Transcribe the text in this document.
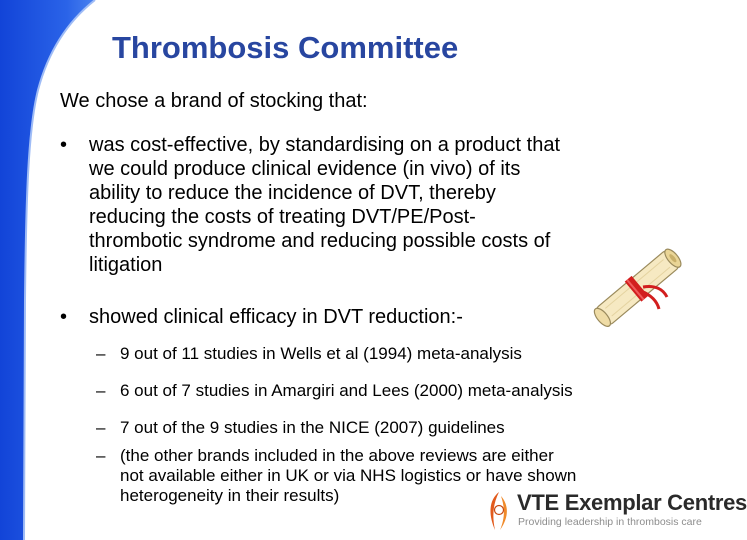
Thrombosis Committee
We chose a brand of stocking that:
• was cost-effective, by standardising on a product that
we could produce clinical evidence (in vivo) of its
ability to reduce the incidence of DVT, thereby
reducing the costs of treating DVT/PE/Post-
thrombotic syndrome and reducing possible costs of
litigation
• showed clinical efficacy in DVT reduction:-
– 9 out of 11 studies in Wells et al (1994) meta-analysis
– 6 out of 7 studies in Amargiri and Lees (2000) meta-analysis
– 7 out of the 9 studies in the NICE (2007) guidelines
– (the other brands included in the above reviews are either
not available either in UK or via NHS logistics or have shown
heterogeneity in their results)	VTE Exemplar Centres
Providing leadership in thrombosis care
